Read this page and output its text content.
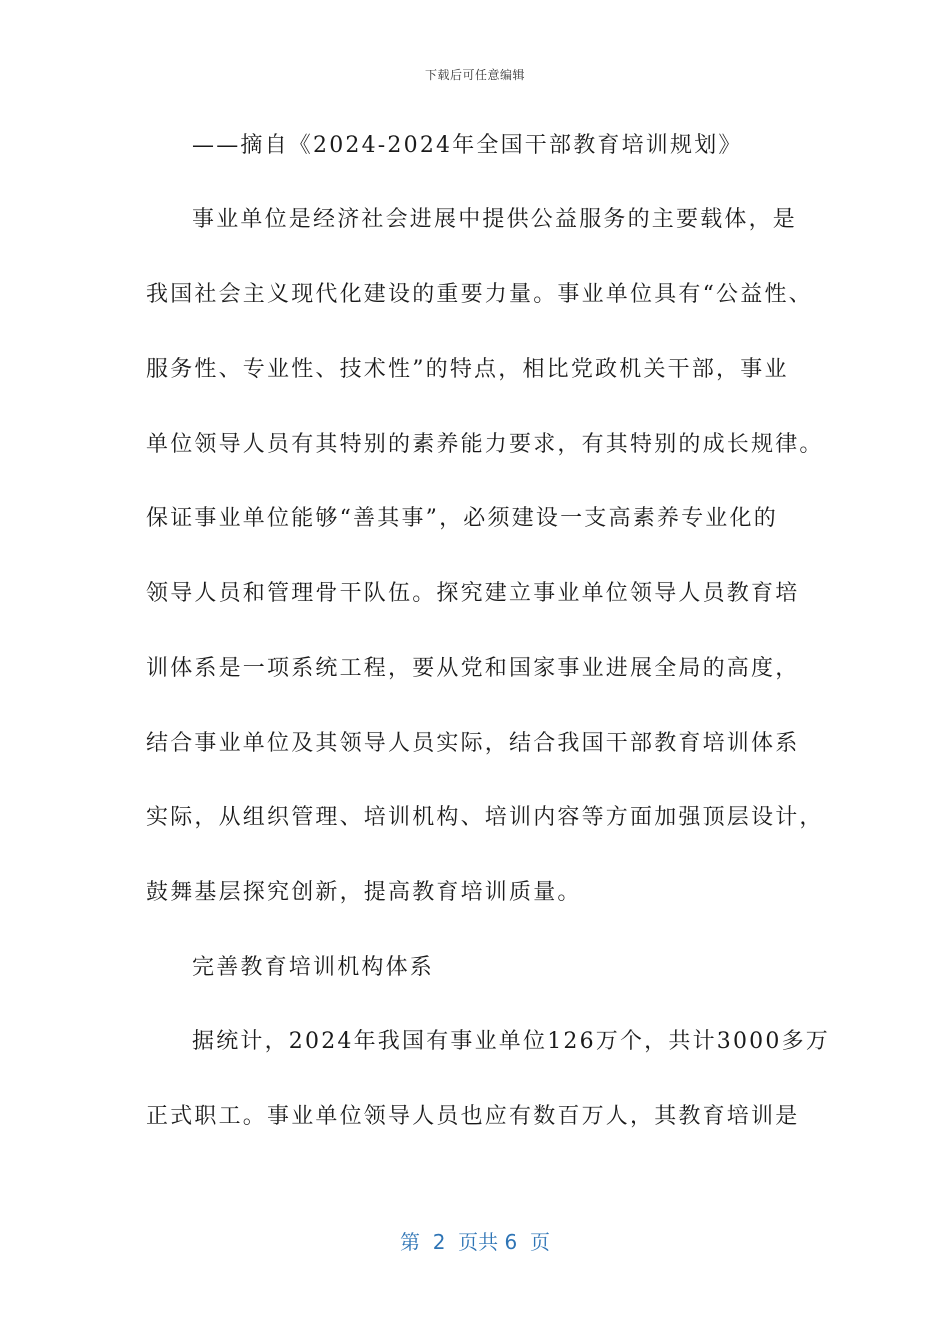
下载后可任意编辑
——摘自《2024-2024年全国干部教育培训规划》
事业单位是经济社会进展中提供公益服务的主要载体，是
我国社会主义现代化建设的重要力量。事业单位具有“公益性、
服务性、专业性、技术性”的特点，相比党政机关干部，事业
单位领导人员有其特别的素养能力要求，有其特别的成长规律。
保证事业单位能够“善其事”，必须建设一支高素养专业化的
领导人员和管理骨干队伍。探究建立事业单位领导人员教育培
训体系是一项系统工程，要从党和国家事业进展全局的高度，
结合事业单位及其领导人员实际，结合我国干部教育培训体系
实际，从组织管理、培训机构、培训内容等方面加强顶层设计，
鼓舞基层探究创新，提高教育培训质量。
完善教育培训机构体系
据统计，2024年我国有事业单位126万个，共计3000多万
正式职工。事业单位领导人员也应有数百万人，其教育培训是
第  2  页共 6  页
